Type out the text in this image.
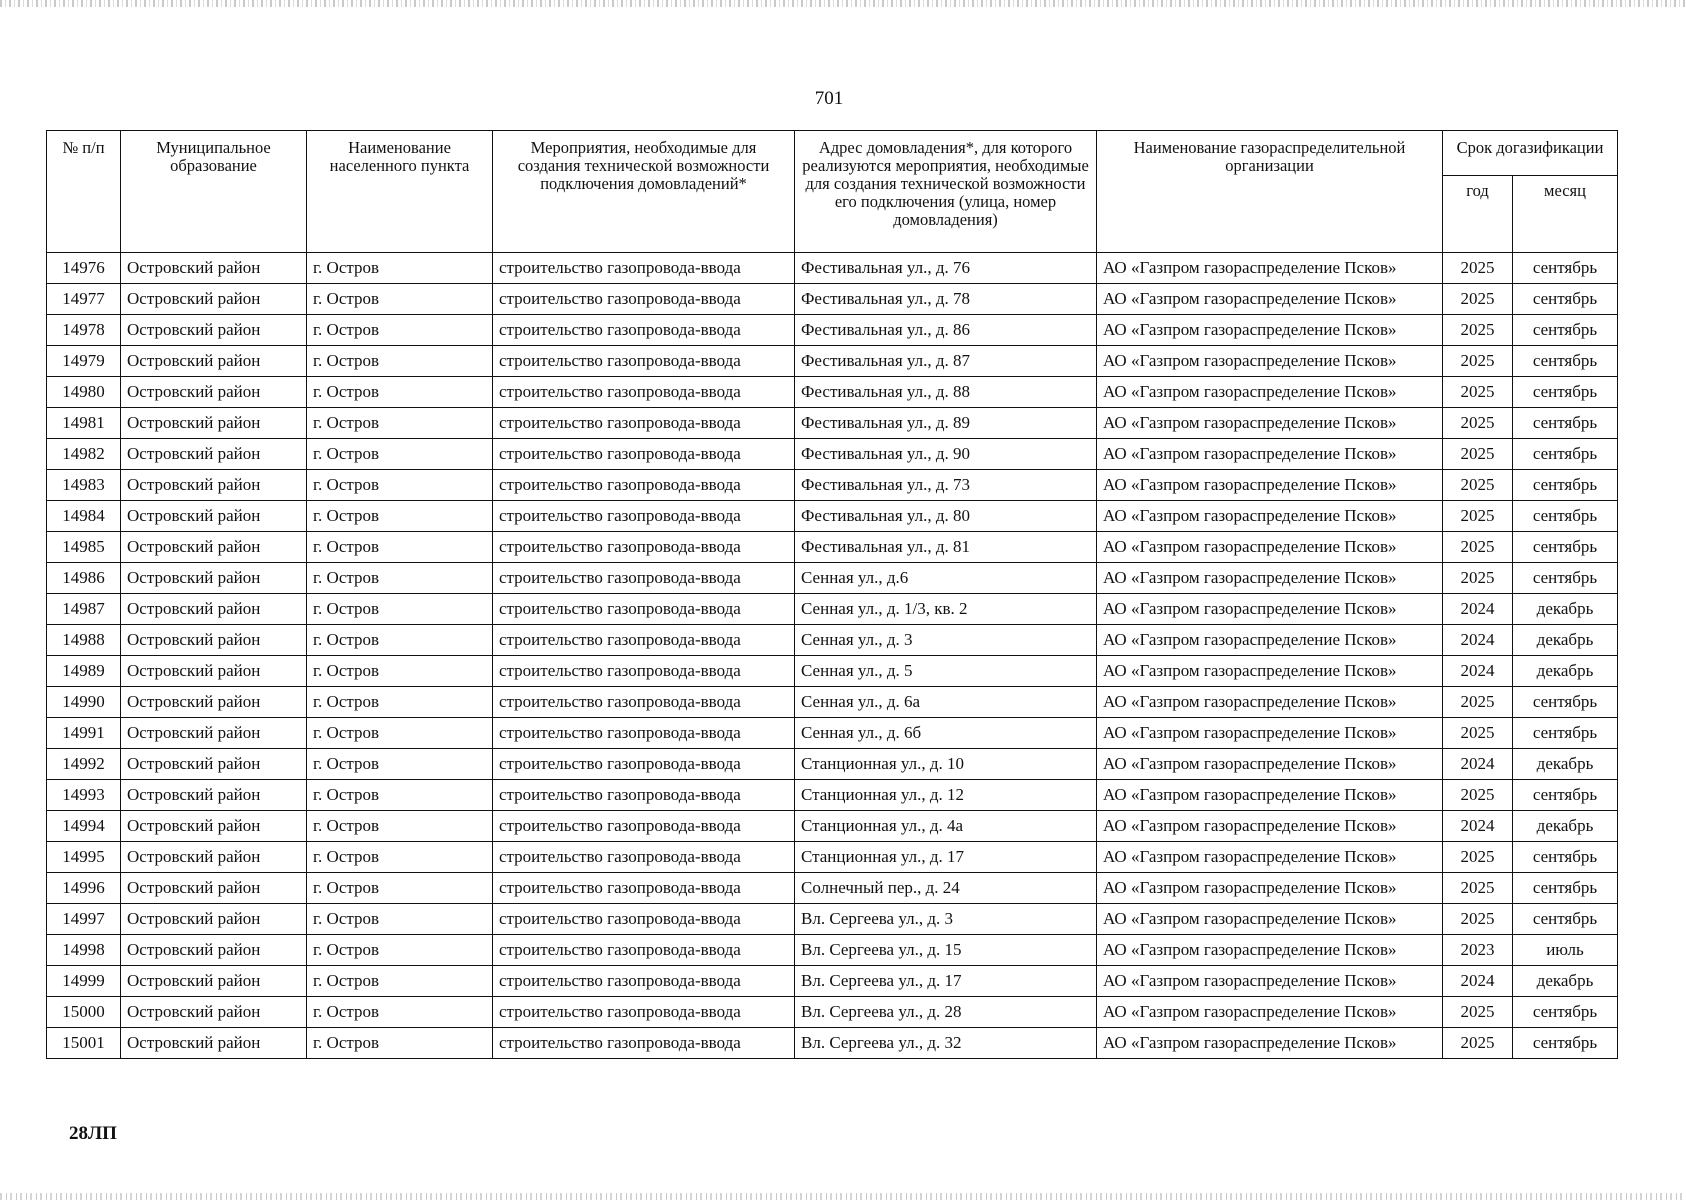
701
№ п/п	Муниципальное образование	Наименование населенного пункта	Мероприятия, необходимые для создания технической возможности подключения домовладений*	Адрес домовладения*, для которого реализуются мероприятия, необходимые для создания технической возможности его подключения (улица, номер домовладения)	Наименование газораспределительной организации	Срок догазификации	
						год	месяц
14976	Островский район	г. Остров	строительство газопровода-ввода	Фестивальная ул., д. 76	АО «Газпром газораспределение Псков»	2025	сентябрь
14977	Островский район	г. Остров	строительство газопровода-ввода	Фестивальная ул., д. 78	АО «Газпром газораспределение Псков»	2025	сентябрь
14978	Островский район	г. Остров	строительство газопровода-ввода	Фестивальная ул., д. 86	АО «Газпром газораспределение Псков»	2025	сентябрь
14979	Островский район	г. Остров	строительство газопровода-ввода	Фестивальная ул., д. 87	АО «Газпром газораспределение Псков»	2025	сентябрь
14980	Островский район	г. Остров	строительство газопровода-ввода	Фестивальная ул., д. 88	АО «Газпром газораспределение Псков»	2025	сентябрь
14981	Островский район	г. Остров	строительство газопровода-ввода	Фестивальная ул., д. 89	АО «Газпром газораспределение Псков»	2025	сентябрь
14982	Островский район	г. Остров	строительство газопровода-ввода	Фестивальная ул., д. 90	АО «Газпром газораспределение Псков»	2025	сентябрь
14983	Островский район	г. Остров	строительство газопровода-ввода	Фестивальная ул., д. 73	АО «Газпром газораспределение Псков»	2025	сентябрь
14984	Островский район	г. Остров	строительство газопровода-ввода	Фестивальная ул., д. 80	АО «Газпром газораспределение Псков»	2025	сентябрь
14985	Островский район	г. Остров	строительство газопровода-ввода	Фестивальная ул., д. 81	АО «Газпром газораспределение Псков»	2025	сентябрь
14986	Островский район	г. Остров	строительство газопровода-ввода	Сенная ул., д.6	АО «Газпром газораспределение Псков»	2025	сентябрь
14987	Островский район	г. Остров	строительство газопровода-ввода	Сенная ул., д. 1/3, кв. 2	АО «Газпром газораспределение Псков»	2024	декабрь
14988	Островский район	г. Остров	строительство газопровода-ввода	Сенная ул., д. 3	АО «Газпром газораспределение Псков»	2024	декабрь
14989	Островский район	г. Остров	строительство газопровода-ввода	Сенная ул., д. 5	АО «Газпром газораспределение Псков»	2024	декабрь
14990	Островский район	г. Остров	строительство газопровода-ввода	Сенная ул., д. 6а	АО «Газпром газораспределение Псков»	2025	сентябрь
14991	Островский район	г. Остров	строительство газопровода-ввода	Сенная ул., д. 6б	АО «Газпром газораспределение Псков»	2025	сентябрь
14992	Островский район	г. Остров	строительство газопровода-ввода	Станционная ул., д. 10	АО «Газпром газораспределение Псков»	2024	декабрь
14993	Островский район	г. Остров	строительство газопровода-ввода	Станционная ул., д. 12	АО «Газпром газораспределение Псков»	2025	сентябрь
14994	Островский район	г. Остров	строительство газопровода-ввода	Станционная ул., д. 4а	АО «Газпром газораспределение Псков»	2024	декабрь
14995	Островский район	г. Остров	строительство газопровода-ввода	Станционная ул., д. 17	АО «Газпром газораспределение Псков»	2025	сентябрь
14996	Островский район	г. Остров	строительство газопровода-ввода	Солнечный пер., д. 24	АО «Газпром газораспределение Псков»	2025	сентябрь
14997	Островский район	г. Остров	строительство газопровода-ввода	Вл. Сергеева ул., д. 3	АО «Газпром газораспределение Псков»	2025	сентябрь
14998	Островский район	г. Остров	строительство газопровода-ввода	Вл. Сергеева ул., д. 15	АО «Газпром газораспределение Псков»	2023	июль
14999	Островский район	г. Остров	строительство газопровода-ввода	Вл. Сергеева ул., д. 17	АО «Газпром газораспределение Псков»	2024	декабрь
15000	Островский район	г. Остров	строительство газопровода-ввода	Вл. Сергеева ул., д. 28	АО «Газпром газораспределение Псков»	2025	сентябрь
15001	Островский район	г. Остров	строительство газопровода-ввода	Вл. Сергеева ул., д. 32	АО «Газпром газораспределение Псков»	2025	сентябрь
28ЛП
